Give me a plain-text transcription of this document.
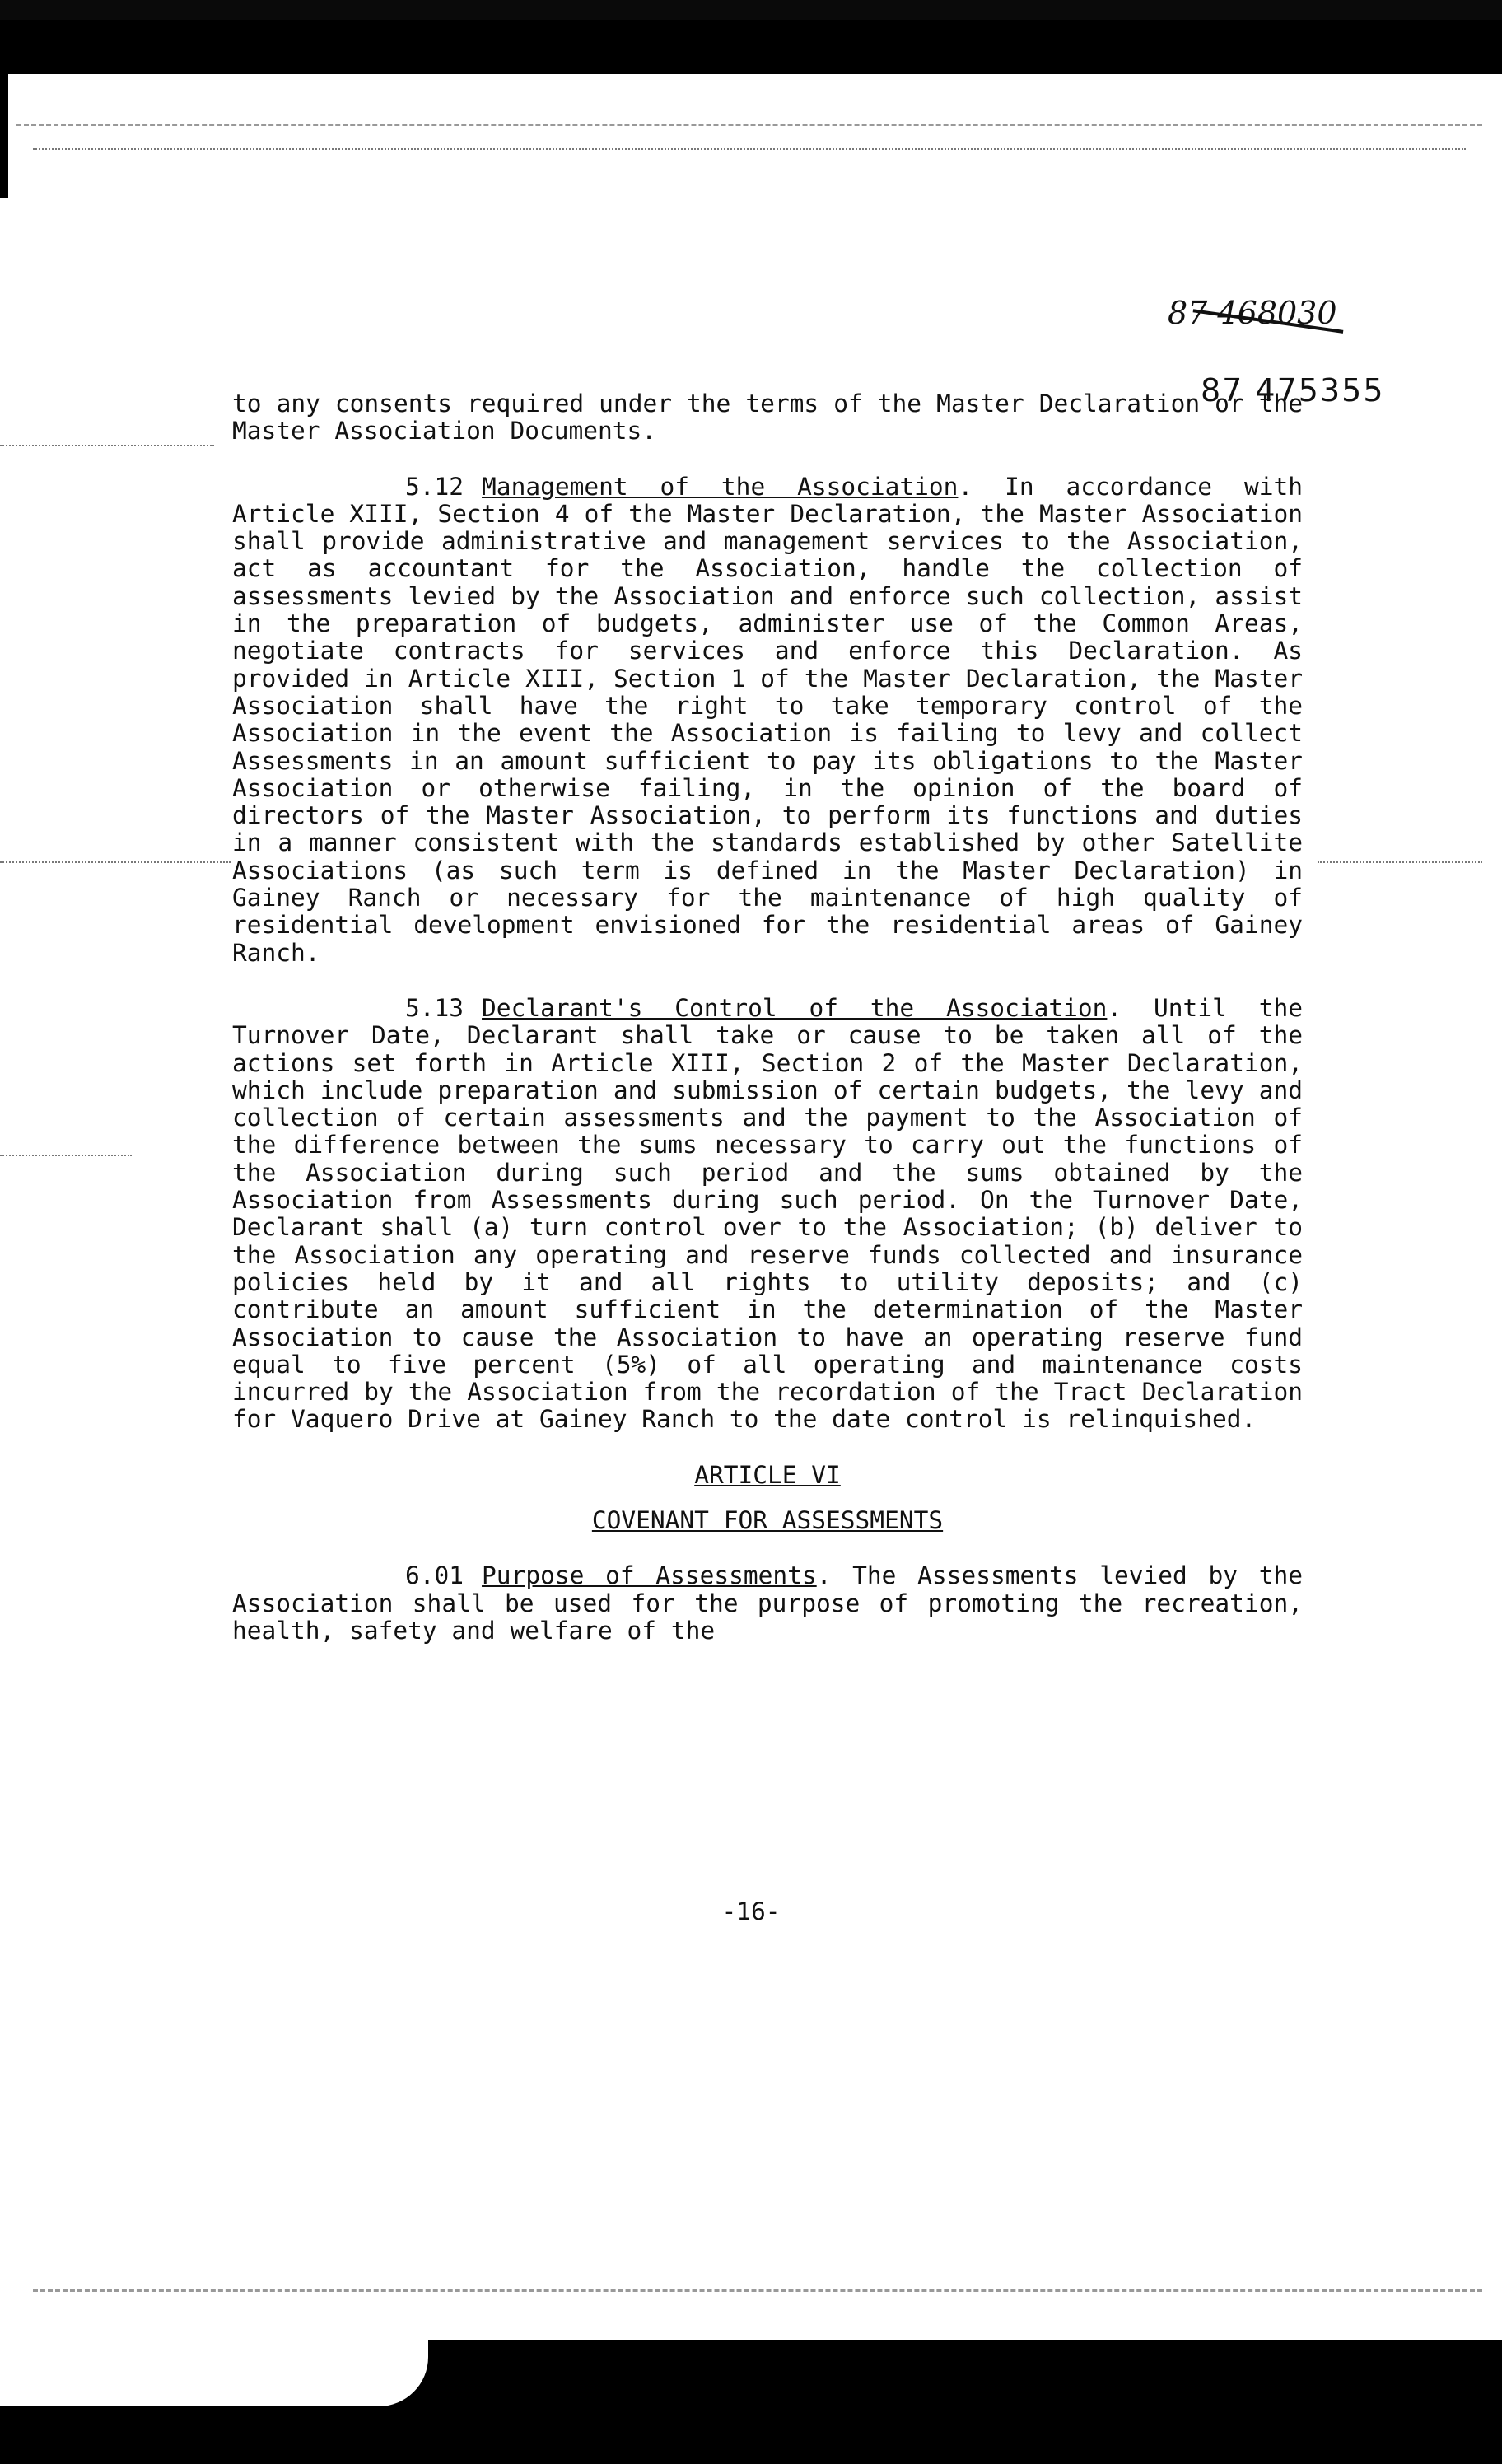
87 468030
87 475355

to any consents required under the terms of the Master Declaration or the Master Association Documents.

5.12 Management of the Association. In accordance with Article XIII, Section 4 of the Master Declaration, the Master Association shall provide administrative and management services to the Association, act as accountant for the Association, handle the collection of assessments levied by the Association and enforce such collection, assist in the preparation of budgets, administer use of the Common Areas, negotiate contracts for services and enforce this Declaration. As provided in Article XIII, Section 1 of the Master Declaration, the Master Association shall have the right to take temporary control of the Association in the event the Association is failing to levy and collect Assessments in an amount sufficient to pay its obligations to the Master Association or otherwise failing, in the opinion of the board of directors of the Master Association, to perform its functions and duties in a manner consistent with the standards established by other Satellite Associations (as such term is defined in the Master Declaration) in Gainey Ranch or necessary for the maintenance of high quality of residential development envisioned for the residential areas of Gainey Ranch.

5.13 Declarant's Control of the Association. Until the Turnover Date, Declarant shall take or cause to be taken all of the actions set forth in Article XIII, Section 2 of the Master Declaration, which include preparation and submission of certain budgets, the levy and collection of certain assessments and the payment to the Association of the difference between the sums necessary to carry out the functions of the Association during such period and the sums obtained by the Association from Assessments during such period. On the Turnover Date, Declarant shall (a) turn control over to the Association; (b) deliver to the Association any operating and reserve funds collected and insurance policies held by it and all rights to utility deposits; and (c) contribute an amount sufficient in the determination of the Master Association to cause the Association to have an operating reserve fund equal to five percent (5%) of all operating and maintenance costs incurred by the Association from the recordation of the Tract Declaration for Vaquero Drive at Gainey Ranch to the date control is relinquished.

ARTICLE VI

COVENANT FOR ASSESSMENTS

6.01 Purpose of Assessments. The Assessments levied by the Association shall be used for the purpose of promoting the recreation, health, safety and welfare of the

-16-
